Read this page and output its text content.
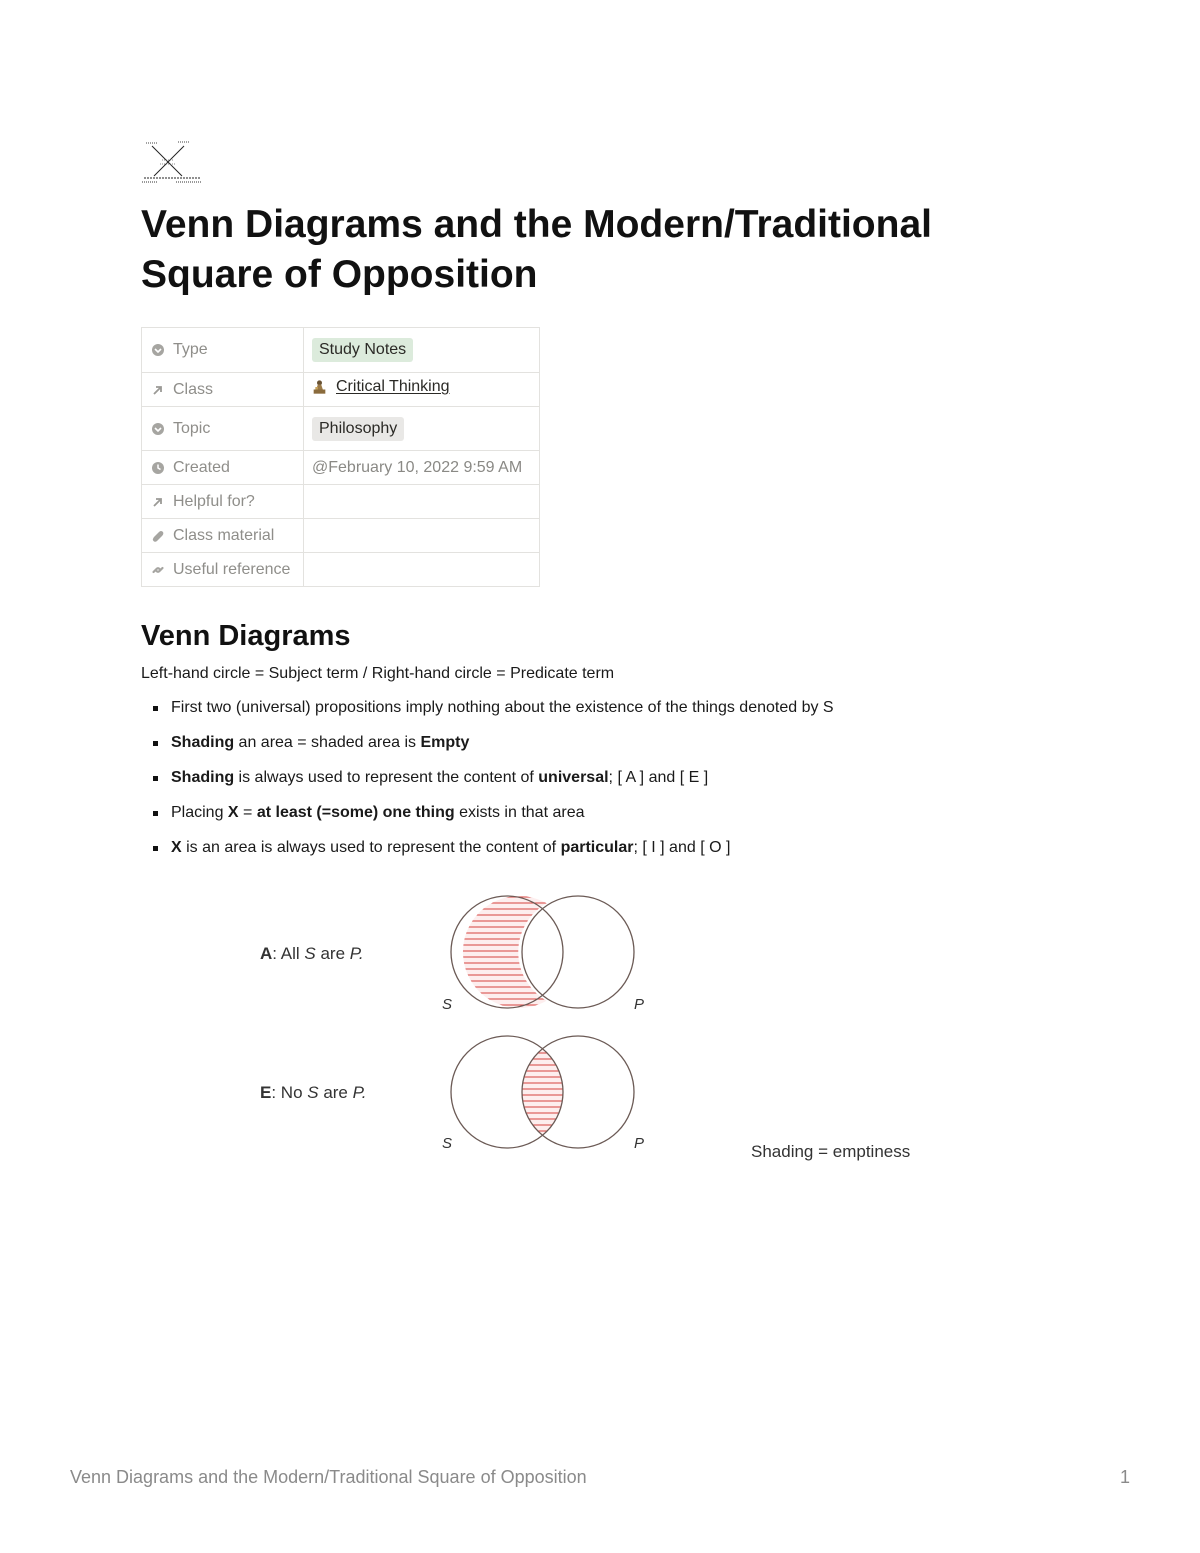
Venn Diagrams and the Modern/Traditional Square of Opposition
Type	Study Notes

Class	Critical Thinking

Topic	Philosophy

Created	@February 10, 2022 9:59 AM

Helpful for?	

Class material	

Useful reference	

Venn Diagrams

Left-hand circle = Subject term / Right-hand circle = Predicate term

First two (universal) propositions imply nothing about the existence of the things denoted by S
Shading an area = shaded area is Empty
Shading is always used to represent the content of universal; [ A ] and [ E ]
Placing X = at least (=some) one thing exists in that area
X is an area is always used to represent the content of particular; [ I ] and [ O ]
A: All S are P.
S	P
E: No S are P.
S	P	Shading = emptiness
Venn Diagrams and the Modern/Traditional Square of Opposition	1
